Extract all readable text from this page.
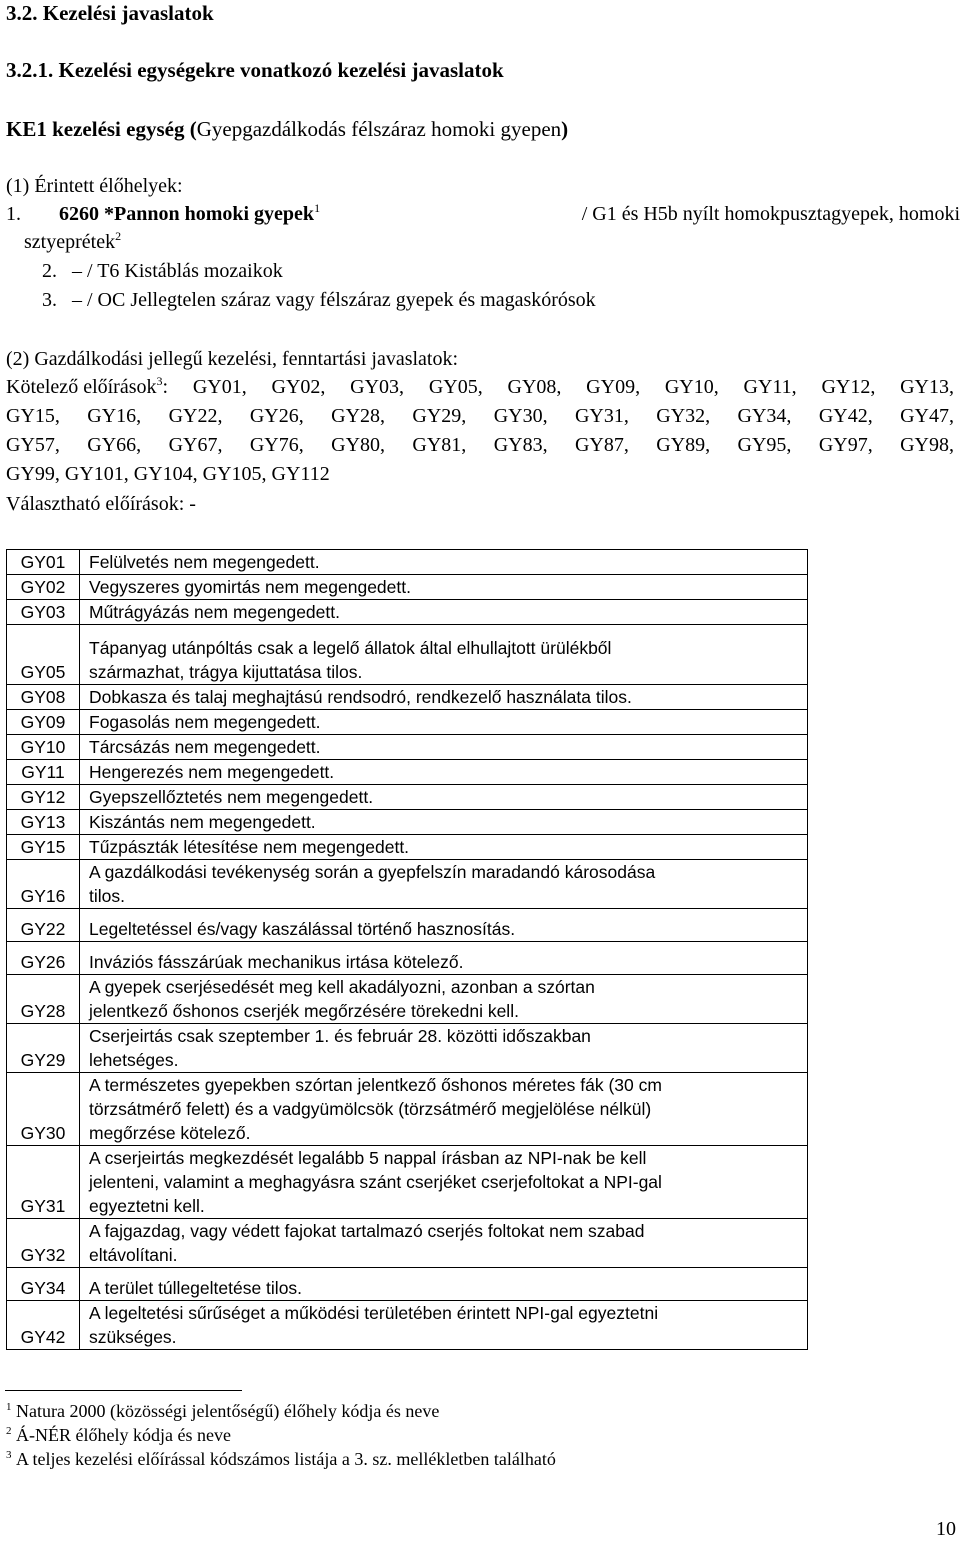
3.2. Kezelési javaslatok
3.2.1. Kezelési egységekre vonatkozó kezelési javaslatok
KE1 kezelési egység (Gyepgazdálkodás félszáraz homoki gyepen)
(1) Érintett élőhelyek:
1. 6260 *Pannon homoki gyepek$^1$	/ G1 és H5b nyílt homokpusztagyepek, homoki
sztyeprétek$^2$
2. – / T6 Kistáblás mozaikok
3. – / OC Jellegtelen száraz vagy félszáraz gyepek és magaskórósok
(2) Gazdálkodási jellegű kezelési, fenntartási javaslatok:
Kötelező előírások$^3$ : GY01, GY02, GY03, GY05, GY08, GY09, GY10, GY11, GY12, GY13,
GY15, GY16, GY22, GY26, GY28, GY29, GY30, GY31, GY32, GY34, GY42, GY47,
GY57, GY66, GY67, GY76, GY80, GY81, GY83, GY87, GY89, GY95, GY97, GY98,
GY99, GY101, GY104, GY105, GY112
Választható előírások: -
GY01	Felülvetés nem megengedett.

GY02	Vegyszeres gyomirtás nem megengedett.

GY03	Műtrágyázás nem megengedett.

GY05	Tápanyag utánpóltás csak a legelő állatok által elhullajtott ürülékből
származhat, trágya kijuttatása tilos.

GY08	Dobkasza és talaj meghajtású rendsodró, rendkezelő használata tilos.

GY09	Fogasolás nem megengedett.

GY10	Tárcsázás nem megengedett.

GY11	Hengerezés nem megengedett.

GY12	Gyepszellőztetés nem megengedett.

GY13	Kiszántás nem megengedett.

GY15	Tűzpászták létesítése nem megengedett.

GY16	A gazdálkodási tevékenység során a gyepfelszín maradandó károsodása
tilos.

GY22	Legeltetéssel és/vagy kaszálással történő hasznosítás.

GY26	Inváziós fásszárúak mechanikus irtása kötelező.

GY28	A gyepek cserjésedését meg kell akadályozni, azonban a szórtan
jelentkező őshonos cserjék megőrzésére törekedni kell.

GY29	Cserjeirtás csak szeptember 1. és február 28. közötti időszakban
lehetséges.

GY30	A természetes gyepekben szórtan jelentkező őshonos méretes fák (30 cm
törzsátmérő felett) és a vadgyümölcsök (törzsátmérő megjelölése nélkül)
megőrzése kötelező.

GY31	A cserjeirtás megkezdését legalább 5 nappal írásban az NPI-nak be kell
jelenteni, valamint a meghagyásra szánt cserjéket cserjefoltokat a NPI-gal
egyeztetni kell.

GY32	A fajgazdag, vagy védett fajokat tartalmazó cserjés foltokat nem szabad
eltávolítani.

GY34	A terület túllegeltetése tilos.

GY42	A legeltetési sűrűséget a működési területében érintett NPI-gal egyeztetni
szükséges.
$^1$ Natura 2000 (közösségi jelentőségű) élőhely kódja és neve
$^2$ Á-NÉR élőhely kódja és neve
$^3$ A teljes kezelési előírással kódszámos listája a 3. sz. mellékletben található
10
